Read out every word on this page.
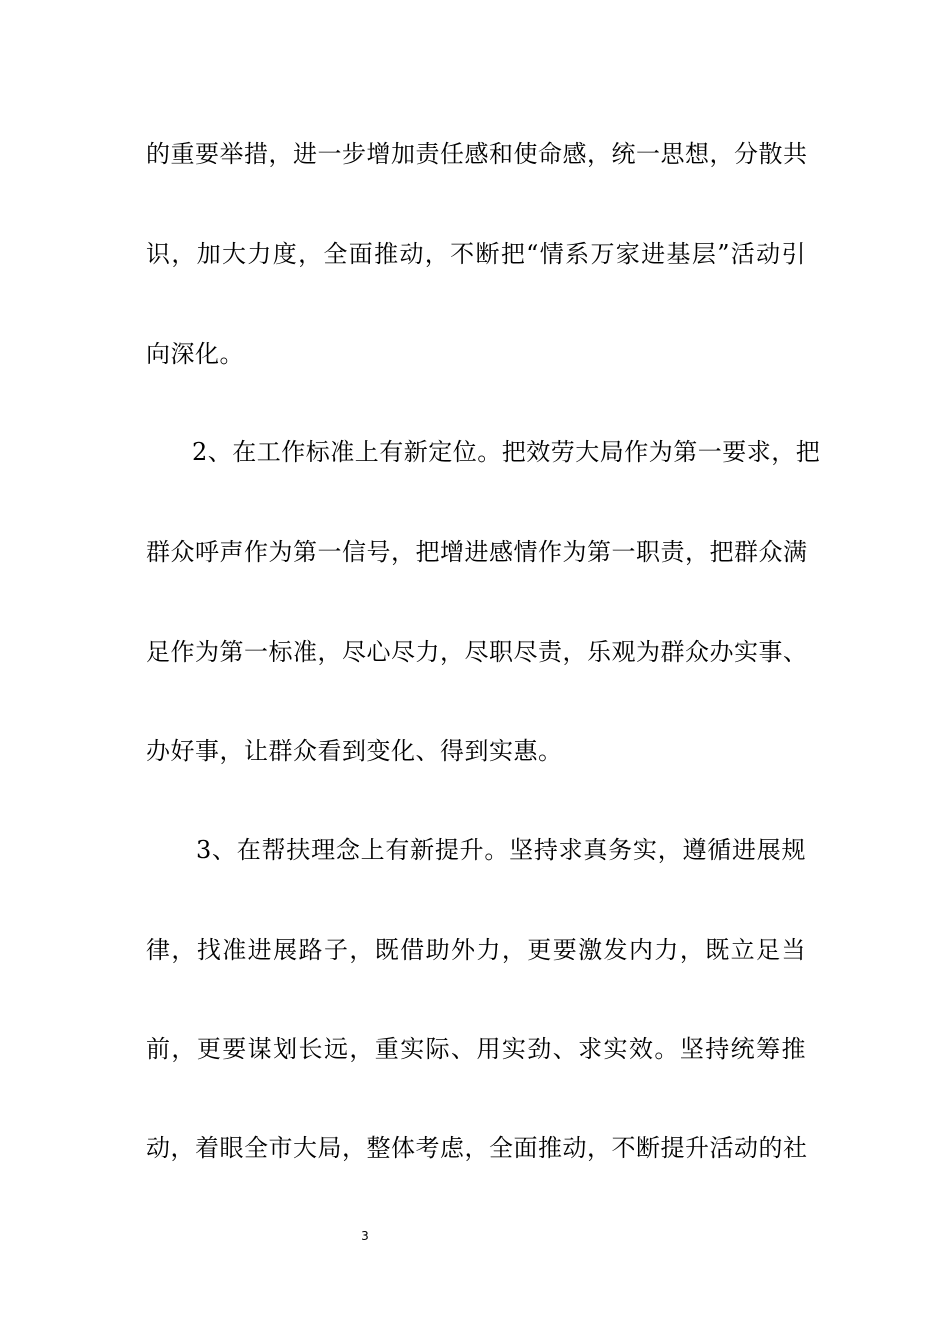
的重要举措，进一步增加责任感和使命感，统一思想，分散共
识，加大力度，全面推动，不断把“情系万家进基层”活动引
向深化。
2、在工作标准上有新定位。把效劳大局作为第一要求，把
群众呼声作为第一信号，把增进感情作为第一职责，把群众满
足作为第一标准，尽心尽力，尽职尽责，乐观为群众办实事、
办好事，让群众看到变化、得到实惠。
3、在帮扶理念上有新提升。坚持求真务实，遵循进展规
律，找准进展路子，既借助外力，更要激发内力，既立足当
前，更要谋划长远，重实际、用实劲、求实效。坚持统筹推
动，着眼全市大局，整体考虑，全面推动，不断提升活动的社
3
